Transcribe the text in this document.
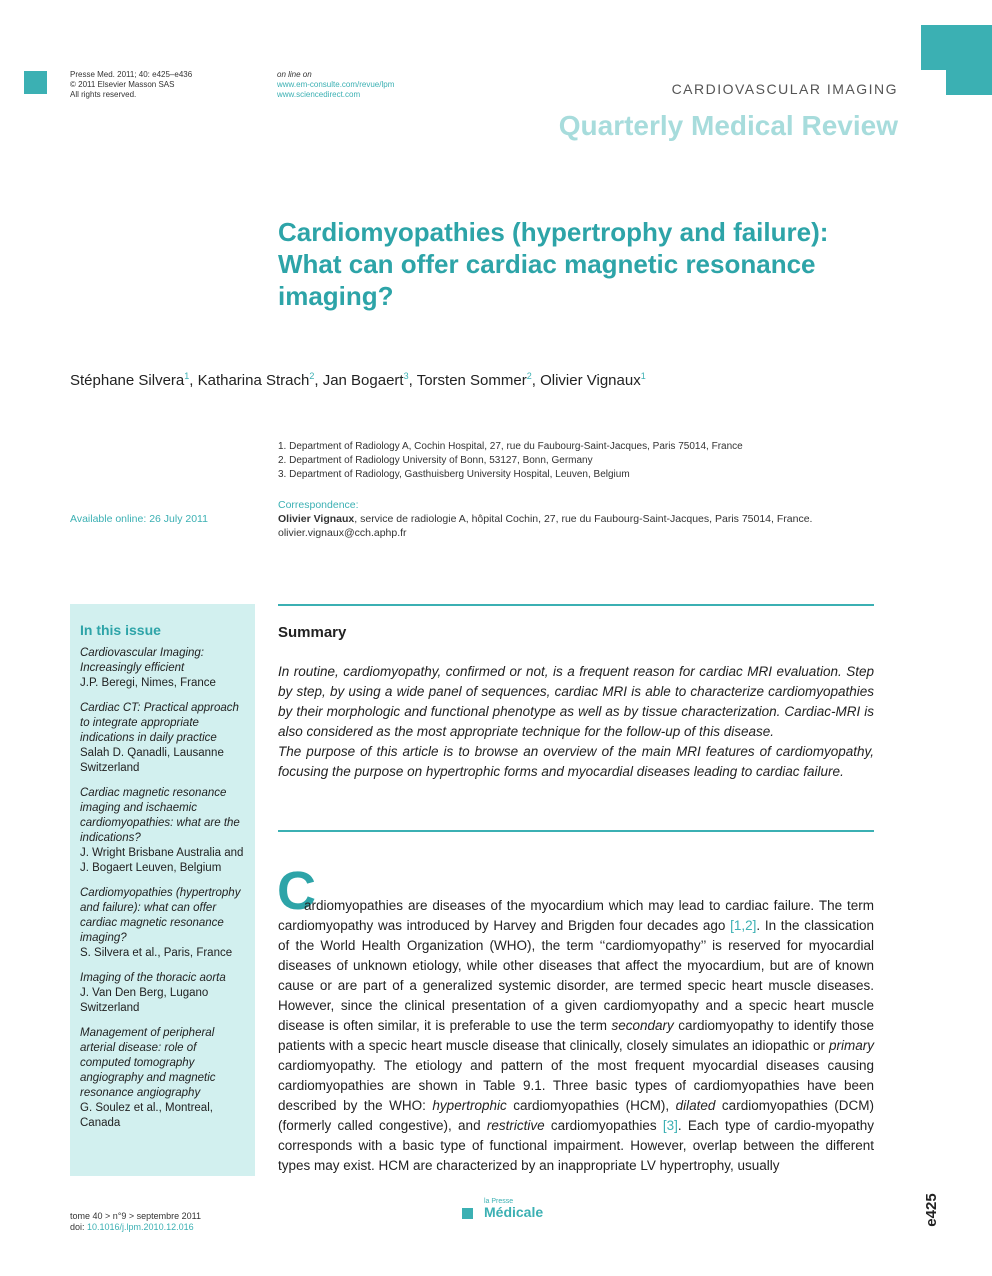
Presse Med. 2011; 40: e425–e436
© 2011 Elsevier Masson SAS
All rights reserved.
on line on
www.em-consulte.com/revue/lpm
www.sciencedirect.com	CARDIOVASCULAR IMAGING
Quarterly Medical Review
Cardiomyopathies (hypertrophy and failure):
What can offer cardiac magnetic resonance
imaging?
Stéphane Silvera$^1$, Katharina Strach$^2$, Jan Bogaert$^3$, Torsten Sommer$^2$, Olivier Vignaux$^1$
1. Department of Radiology A, Cochin Hospital, 27, rue du Faubourg-Saint-Jacques, Paris 75014, France
2. Department of Radiology University of Bonn, 53127, Bonn, Germany
3. Department of Radiology, Gasthuisberg University Hospital, Leuven, Belgium
Available online: 26 July 2011
Correspondence:
Olivier Vignaux, service de radiologie A, hôpital Cochin, 27, rue du Faubourg-Saint-Jacques, Paris 75014, France.
olivier.vignaux@cch.aphp.fr
In this issue
Cardiovascular Imaging: Increasingly efficient
J.P. Beregi, Nimes, France
Cardiac CT: Practical approach to integrate appropriate indications in daily practice
Salah D. Qanadli, Lausanne Switzerland
Cardiac magnetic resonance imaging and ischaemic cardiomyopathies: what are the indications?
J. Wright Brisbane Australia and J. Bogaert Leuven, Belgium
Cardiomyopathies (hypertrophy and failure): what can offer cardiac magnetic resonance imaging?
S. Silvera et al., Paris, France
Imaging of the thoracic aorta
J. Van Den Berg, Lugano Switzerland
Management of peripheral arterial disease: role of computed tomography angiography and magnetic resonance angiography
G. Soulez et al., Montreal, Canada
Summary

In routine, cardiomyopathy, confirmed or not, is a frequent reason for cardiac MRI evaluation. Step by step, by using a wide panel of sequences, cardiac MRI is able to characterize cardiomyopathies by their morphologic and functional phenotype as well as by tissue characterization. Cardiac-MRI is also considered as the most appropriate technique for the follow-up of this disease.

The purpose of this article is to browse an overview of the main MRI features of cardiomyopathy, focusing the purpose on hypertrophic forms and myocardial diseases leading to cardiac failure.

C
ardiomyopathies are diseases of the myocardium which may lead to cardiac failure. The term cardiomyopathy was introduced by Harvey and Brigden four decades ago [1,2]. In the classication of the World Health Organization (WHO), the term ‘‘cardiomyopathy’’ is reserved for myocardial diseases of unknown etiology, while other diseases that affect the myocardium, but are of known cause or are part of a generalized systemic disorder, are termed specic heart muscle diseases. However, since the clinical presentation of a given cardiomyopathy and a specic heart muscle disease is often similar, it is preferable to use the term secondary cardiomyopathy to identify those patients with a specic heart muscle disease that clinically, closely simulates an idiopathic or primary cardiomyopathy. The etiology and pattern of the most frequent myocardial diseases causing cardiomyopathies are shown in Table 9.1. Three basic types of cardiomyopathies have been described by the WHO: hypertrophic cardiomyopathies (HCM), dilated cardiomyopathies (DCM) (formerly called congestive), and restrictive cardiomyopathies [3]. Each type of cardio-myopathy corresponds with a basic type of functional impairment. However, overlap between the different types may exist. HCM are characterized by an inappropriate LV hypertrophy, usually
tome 40 > n°9 > septembre 2011
doi: 10.1016/j.lpm.2010.12.016
la Presse
Médicale	e425
